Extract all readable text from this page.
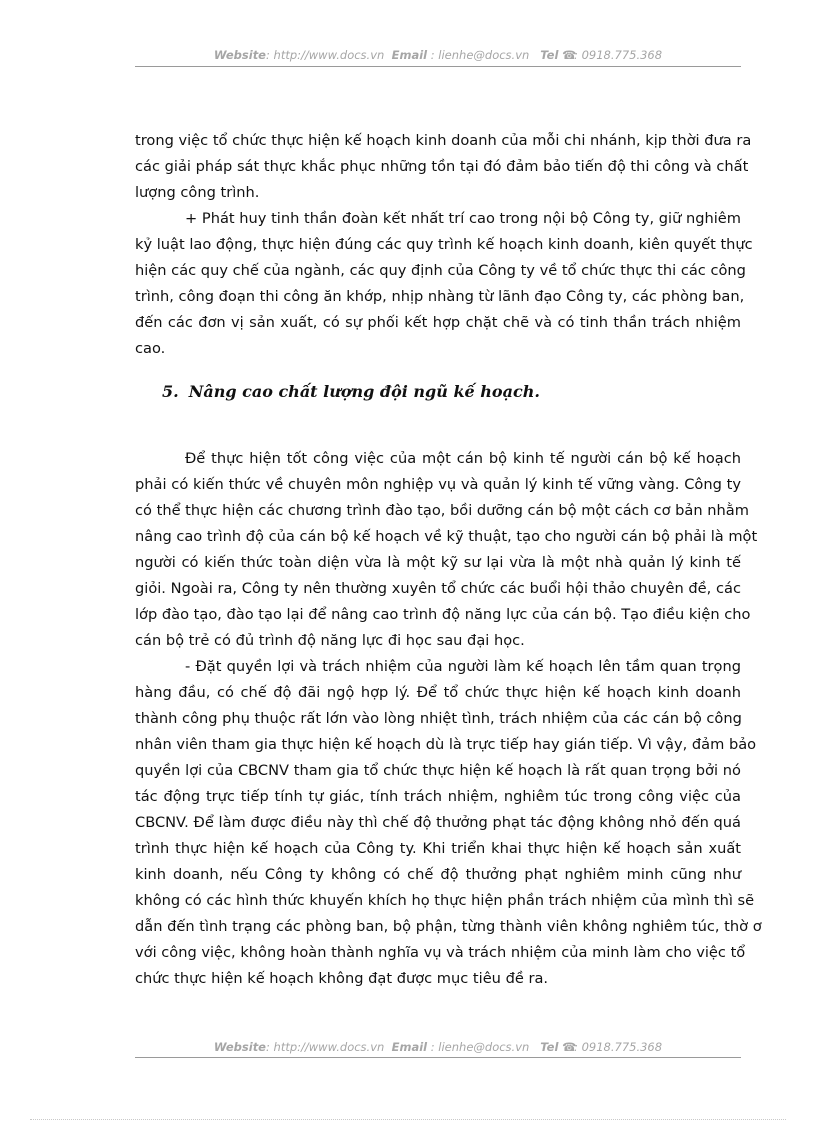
Website: http://www.docs.vn Email : lienhe@docs.vn Tel ☎: 0918.775.368
trong việc tổ chức thực hiện kế hoạch kinh doanh của mỗi chi nhánh, kịp thời đưa ra
các giải pháp sát thực khắc phục những tồn tại đó đảm bảo tiến độ thi công và chất
lượng công trình.
+ Phát huy tinh thần đoàn kết nhất trí cao trong nội bộ Công ty, giữ nghiêm
kỷ luật lao động, thực hiện đúng các quy trình kế hoạch kinh doanh, kiên quyết thực
hiện các quy chế của ngành, các quy định của Công ty về tổ chức thực thi các công
trình, công đoạn thi công ăn khớp, nhịp nhàng từ lãnh đạo Công ty, các phòng ban,
đến các đơn vị sản xuất, có sự phối kết hợp chặt chẽ và có tinh thần trách nhiệm
cao.
5. Nâng cao chất lượng đội ngũ kế hoạch.
Để thực hiện tốt công việc của một cán bộ kinh tế người cán bộ kế hoạch
phải có kiến thức về chuyên môn nghiệp vụ và quản lý kinh tế vững vàng. Công ty
có thể thực hiện các chương trình đào tạo, bồi dưỡng cán bộ một cách cơ bản nhằm
nâng cao trình độ của cán bộ kế hoạch về kỹ thuật, tạo cho người cán bộ phải là một
người có kiến thức toàn diện vừa là một kỹ sư lại vừa là một nhà quản lý kinh tế
giỏi. Ngoài ra, Công ty nên thường xuyên tổ chức các buổi hội thảo chuyên đề, các
lớp đào tạo, đào tạo lại để nâng cao trình độ năng lực của cán bộ. Tạo điều kiện cho
cán bộ trẻ có đủ trình độ năng lực đi học sau đại học.
- Đặt quyền lợi và trách nhiệm của người làm kế hoạch lên tầm quan trọng
hàng đầu, có chế độ đãi ngộ hợp lý. Để tổ chức thực hiện kế hoạch kinh doanh
thành công phụ thuộc rất lớn vào lòng nhiệt tình, trách nhiệm của các cán bộ công
nhân viên tham gia thực hiện kế hoạch dù là trực tiếp hay gián tiếp. Vì vậy, đảm bảo
quyền lợi của CBCNV tham gia tổ chức thực hiện kế hoạch là rất quan trọng bởi nó
tác động trực tiếp tính tự giác, tính trách nhiệm, nghiêm túc trong công việc của
CBCNV. Để làm được điều này thì chế độ thưởng phạt tác động không nhỏ đến quá
trình thực hiện kế hoạch của Công ty. Khi triển khai thực hiện kế hoạch sản xuất
kinh doanh, nếu Công ty không có chế độ thưởng phạt nghiêm minh cũng như
không có các hình thức khuyến khích họ thực hiện phần trách nhiệm của mình thì sẽ
dẫn đến tình trạng các phòng ban, bộ phận, từng thành viên không nghiêm túc, thờ ơ
với công việc, không hoàn thành nghĩa vụ và trách nhiệm của minh làm cho việc tổ
chức thực hiện kế hoạch không đạt được mục tiêu đề ra.
Website: http://www.docs.vn Email : lienhe@docs.vn Tel ☎: 0918.775.368
